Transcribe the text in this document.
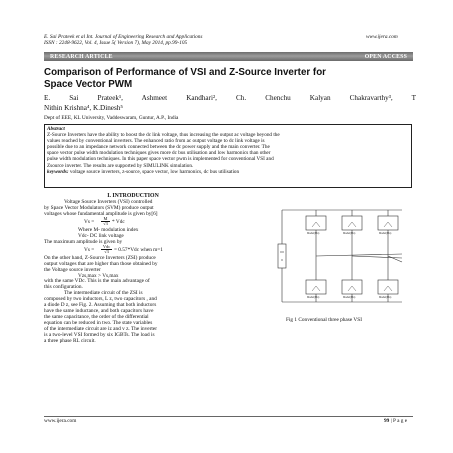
E. Sai Prateek et al Int. Journal of Engineering Research and Applications
ISSN : 2248-9622, Vol. 4, Issue 5( Version 7), May 2014, pp.99-105
www.ijera.com
RESEARCH ARTICLE	OPEN ACCESS
Comparison of Performance of VSI and Z-Source Inverter for
Space Vector PWM
E. Sai Prateek¹, Ashmeet Kandhari², Ch. Chenchu Kalyan Chakravarthy³, T
Nithin Krishna⁴, K.Dinesh⁵
Dept of EEE, KL University, Vaddeswaram, Guntur, A.P., India
Abstract
Z-Source Inverters have the ability to boost the dc link voltage, thus increasing the output ac voltage beyond the
values reached by conventional inverters. The enhanced ratio from ac output voltage to dc link voltage is
possible due to an impedance network connected between the dc power supply and the main converter. The
space vector pulse width modulation techniques gives more dc bus utilisation and low harmonics than other
pulse width modulation techniques. In this paper space vector pwm is implemented for conventional VSI and
Zsource inverter. The results are supported by SIMULINK simulation.
keywords: voltage source inverters, z-source, space vector, low harmonics, dc bus utilisation
I. INTRODUCTION
Voltage Source Inverters (VSI) controlled
by Space Vector Modulators (SVM) produce output
voltages whose fundamental amplitude is given by[6]
Vs =
M
√3 * Vdc
Where M- modulation index
Vdc- DC link voltage
The maximum amplitude is given by
Vs =
Vdc
√3 = 0.57*Vdc when m=1
On the other hand, Z-Source Inverters (ZSI) produce
output voltages that are higher than those obtained by
the Voltage source inverter
Vzs,max > Vs,max
with the same VDc. This is the main advantage of
this configuration.
The intermediate circuit of the ZSI is
composed by two inductors, L z, two capacitors , and
a diode D z, see Fig. 2. Assuming that both inductors
have the same inductance, and both capacitors have
the same capacitance, the order of the differential
equation can be reduced in two. The state variables
of the intermediate circuit are iz and v z. The inverter
is a two-level VSI formed by six IGBTs. The load is
a three phase RL circuit.
Model(Mo)	Model(Mo)	Model(Mo)
Model(Mo)	Model(Mo)	Model(Mo)
Fig 1 Conventional three phase VSI
www.ijera.com	99 | P a g e
